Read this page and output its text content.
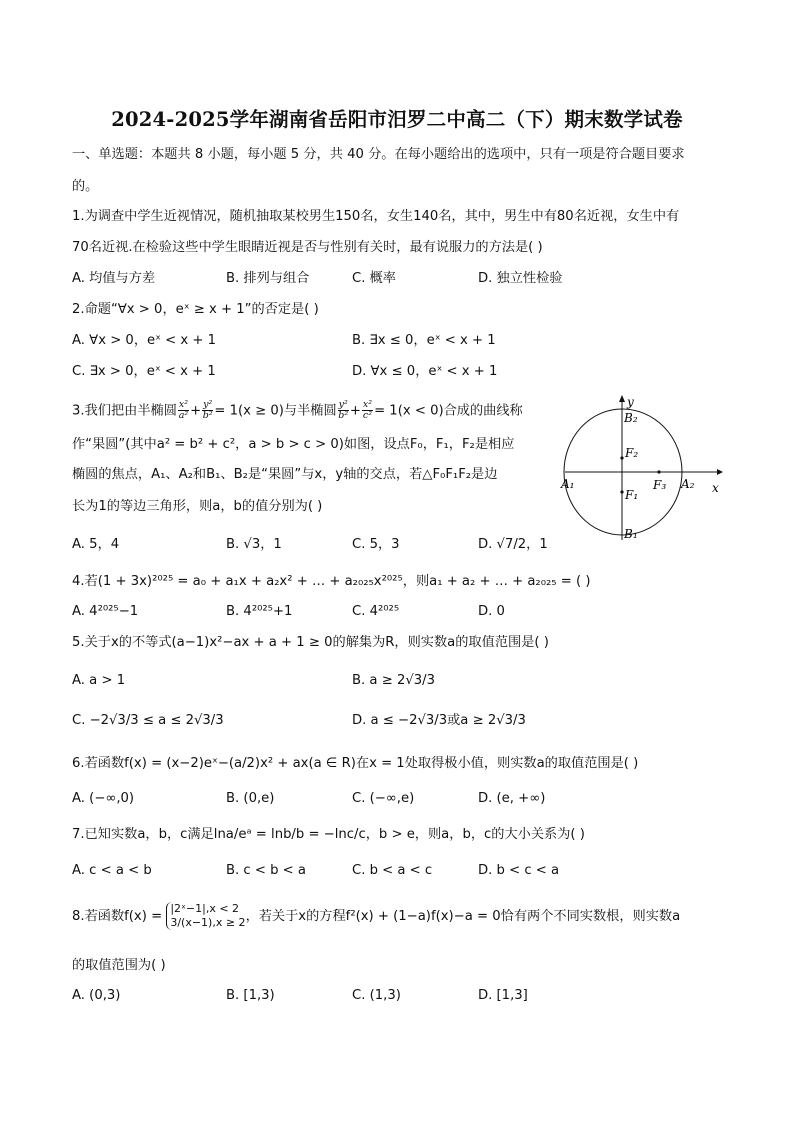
2024-2025学年湖南省岳阳市汨罗二中高二（下）期末数学试卷
一、单选题：本题共 8 小题，每小题 5 分，共 40 分。在每小题给出的选项中，只有一项是符合题目要求
的。
1.为调查中学生近视情况，随机抽取某校男生150名，女生140名，其中，男生中有80名近视，女生中有
70名近视.在检验这些中学生眼睛近视是否与性别有关时，最有说服力的方法是( )
A. 均值与方差	B. 排列与组合	C. 概率	D. 独立性检验
2.命题“∀x > 0，eˣ ≥ x + 1”的否定是( )
A. ∀x > 0，eˣ < x + 1	B. ∃x ≤ 0，eˣ < x + 1
C. ∃x > 0，eˣ < x + 1	D. ∀x ≤ 0，eˣ < x + 1
3.我们把由半椭圆 $\frac{\text{x²}}{\text{a²}} + \frac{\text{y²}}{\text{b²}} = 1(x \ge 0)$与半椭圆 $\frac{\text{y²}}{\text{b²}} + \frac{\text{x²}}{\text{c²}} = 1(x < 0)$合成的曲线称
作“果圆”(其中a² = b² + c²，a > b > c > 0)如图，设点F₀，F₁，F₂是相应
椭圆的焦点，A₁、A₂和B₁、B₂是“果圆”与x，y轴的交点，若△F₀F₁F₂是边
长为1的等边三角形，则a，b的值分别为( )
A. 5，4	B. √3，1	C. 5，3	D. √7/2，1
y
x
B₂
F₂
F₁
F₃
A₁	A₂
B₁
4.若(1 + 3x)²⁰²⁵ = a₀ + a₁x + a₂x² + … + a₂₀₂₅x²⁰²⁵，则a₁ + a₂ + … + a₂₀₂₅ = ( )
A. 4²⁰²⁵−1	B. 4²⁰²⁵+1	C. 4²⁰²⁵	D. 0
5.关于x的不等式(a−1)x²−ax + a + 1 ≥ 0的解集为R，则实数a的取值范围是( )
A. a > 1	B. a ≥ 2√3/3
C. −2√3/3 ≤ a ≤ 2√3/3	D. a ≤ −2√3/3或a ≥ 2√3/3
6.若函数f(x) = (x−2)eˣ−(a/2)x² + ax(a ∈ R)在x = 1处取得极小值，则实数a的取值范围是( )
A. (−∞,0)	B. (0,e)	C. (−∞,e)	D. (e, +∞)
7.已知实数a，b，c满足lna/eᵃ = lnb/b = −lnc/c，b > e，则a，b，c的大小关系为( )
A. c < a < b	B. c < b < a	C. b < a < c	D. b < c < a
8.若函数f(x) =
|2ˣ−1|,x < 2
3/(x−1),x ≥ 2 ，若关于x的方程f²(x) + (1−a)f(x)−a = 0恰有两个不同实数根，则实数a
的取值范围为( )
A. (0,3)	B. [1,3)	C. (1,3)	D. [1,3]
